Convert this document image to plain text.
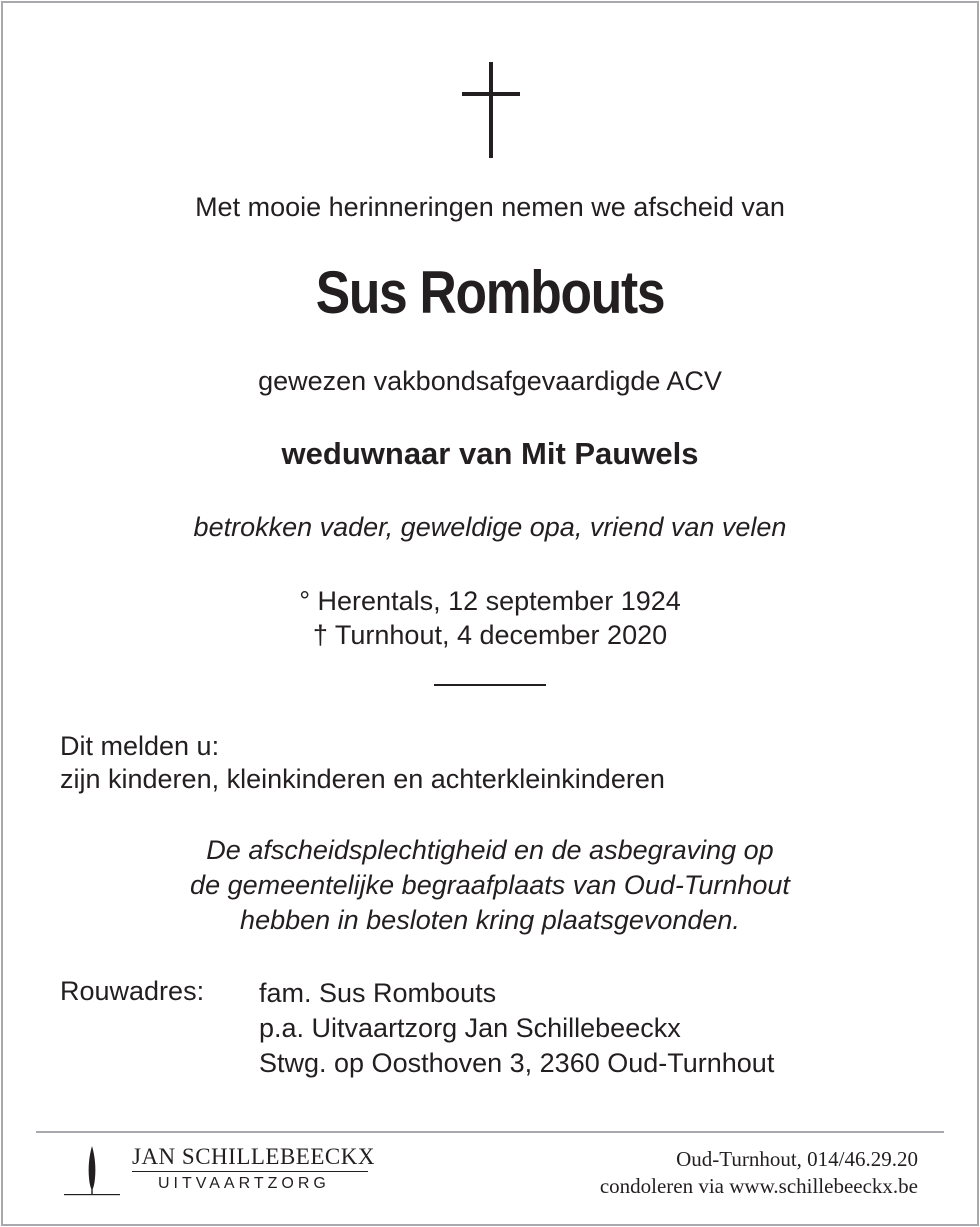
Met mooie herinneringen nemen we afscheid van
Sus Rombouts
gewezen vakbondsafgevaardigde ACV
weduwnaar van Mit Pauwels
betrokken vader, geweldige opa, vriend van velen
° Herentals, 12 september 1924
† Turnhout, 4 december 2020
Dit melden u:
zijn kinderen, kleinkinderen en achterkleinkinderen
De afscheidsplechtigheid en de asbegraving op
de gemeentelijke begraafplaats van Oud-Turnhout
hebben in besloten kring plaatsgevonden.
Rouwadres: fam. Sus Rombouts
p.a. Uitvaartzorg Jan Schillebeeckx
Stwg. op Oosthoven 3, 2360 Oud-Turnhout
JAN SCHILLEBEECKX
UITVAARTZORG
Oud-Turnhout, 014/46.29.20
condoleren via www.schillebeeckx.be
